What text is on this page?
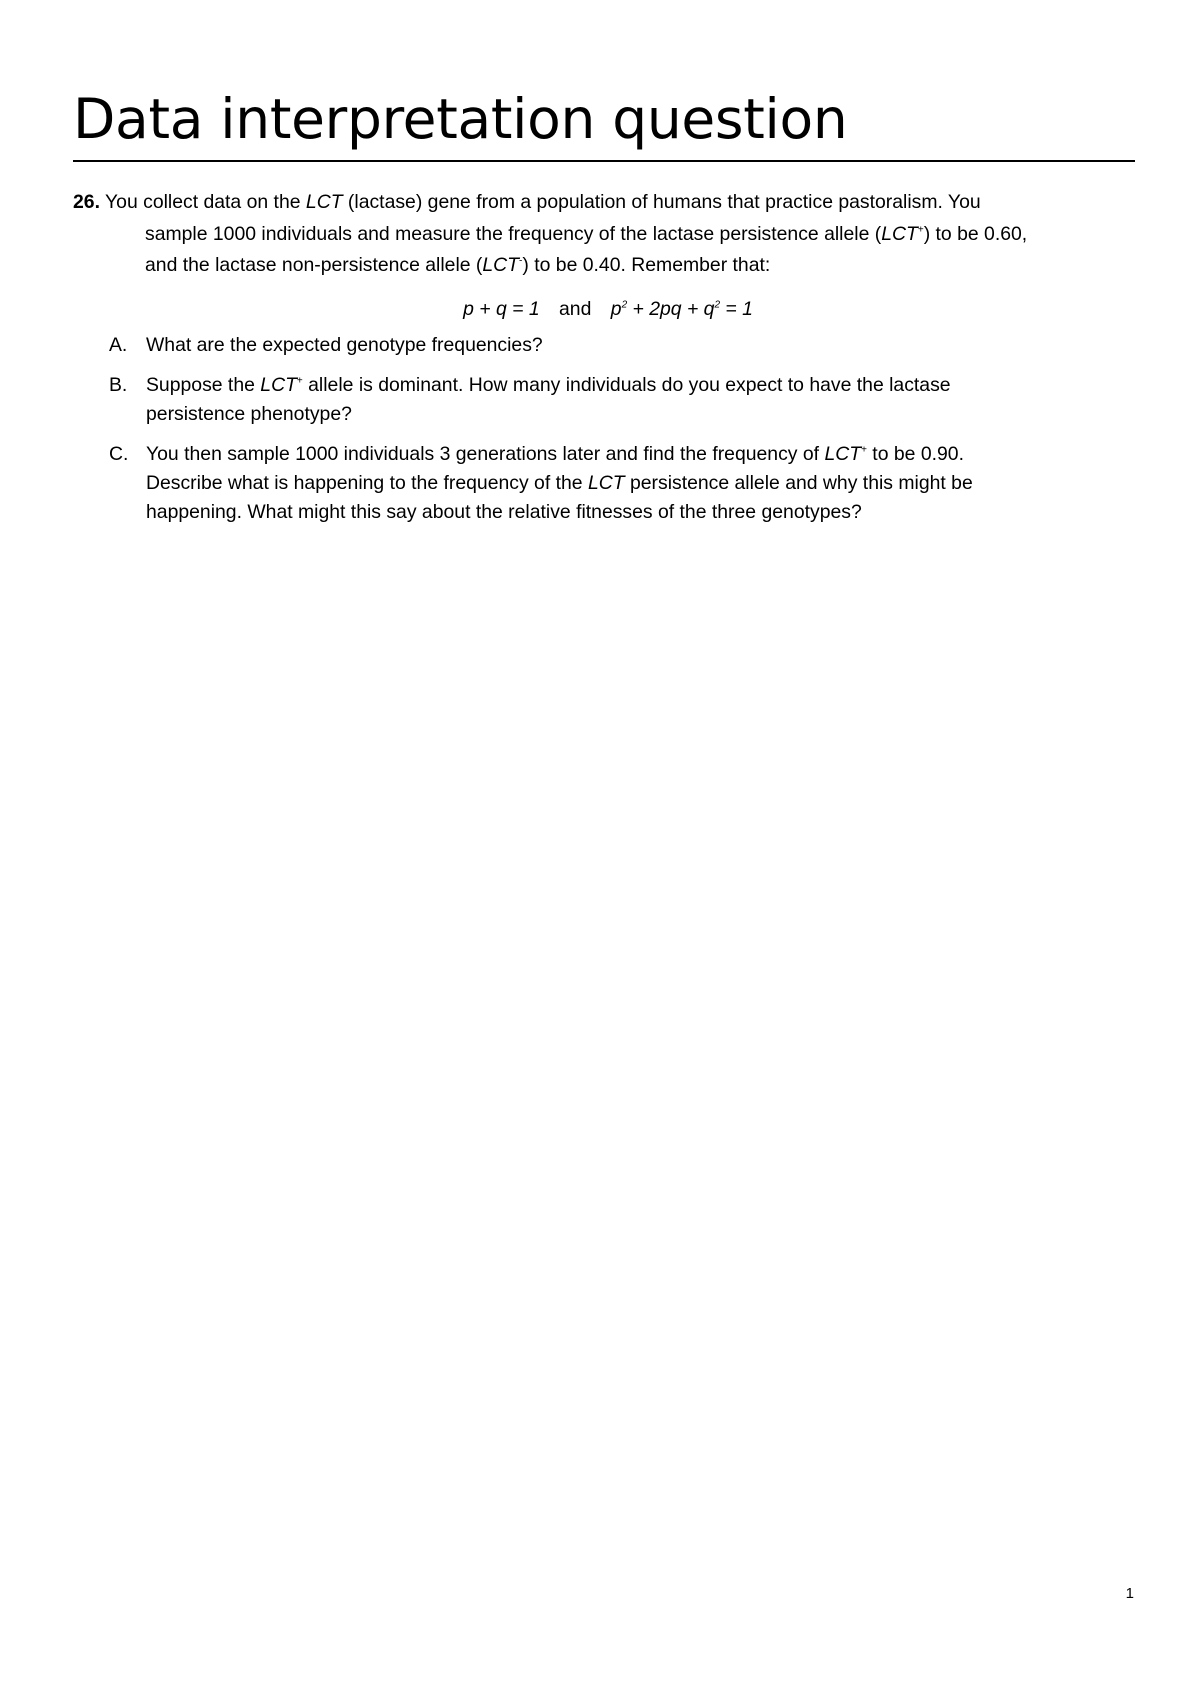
Data interpretation question
26. You collect data on the LCT (lactase) gene from a population of humans that practice pastoralism. You
sample 1000 individuals and measure the frequency of the lactase persistence allele (LCT+) to be 0.60,
and the lactase non-persistence allele (LCT-) to be 0.40. Remember that:
p + q = 1 and $p^2 + 2pq + q^2 = 1$
A. What are the expected genotype frequencies?
B. Suppose the LCT+ allele is dominant. How many individuals do you expect to have the lactase
persistence phenotype?
C. You then sample 1000 individuals 3 generations later and find the frequency of LCT+ to be 0.90.
Describe what is happening to the frequency of the LCT persistence allele and why this might be
happening. What might this say about the relative fitnesses of the three genotypes?
1
